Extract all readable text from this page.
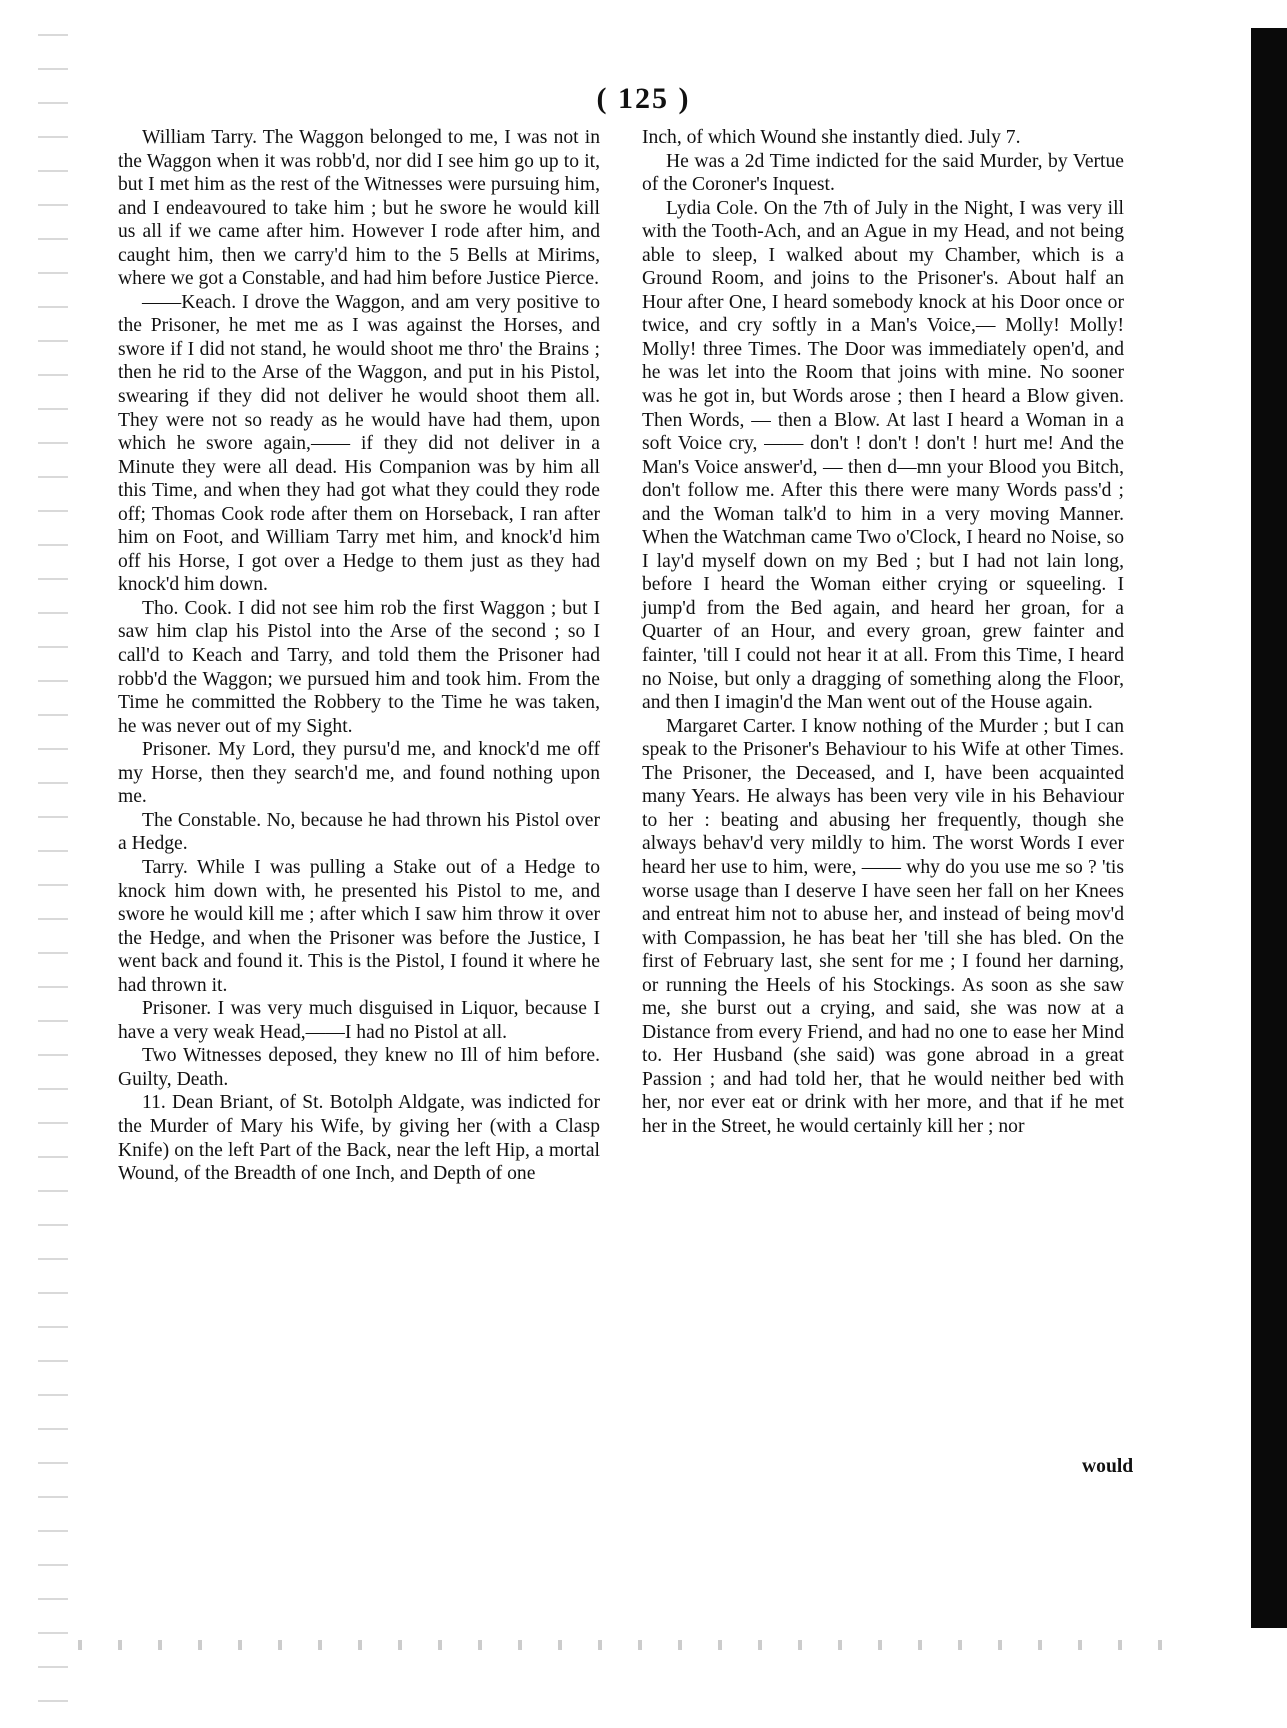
( 125 )

William Tarry. The Waggon belonged to me, I was not in the Waggon when it was robb'd, nor did I see him go up to it, but I met him as the rest of the Witnesses were pursuing him, and I endeavoured to take him ; but he swore he would kill us all if we came after him. However I rode after him, and caught him, then we carry'd him to the 5 Bells at Mirims, where we got a Constable, and had him before Justice Pierce.

——Keach. I drove the Waggon, and am very positive to the Prisoner, he met me as I was against the Horses, and swore if I did not stand, he would shoot me thro' the Brains ; then he rid to the Arse of the Waggon, and put in his Pistol, swearing if they did not deliver he would shoot them all. They were not so ready as he would have had them, upon which he swore again,—— if they did not deliver in a Minute they were all dead. His Companion was by him all this Time, and when they had got what they could they rode off; Thomas Cook rode after them on Horseback, I ran after him on Foot, and William Tarry met him, and knock'd him off his Horse, I got over a Hedge to them just as they had knock'd him down.

Tho. Cook. I did not see him rob the first Waggon ; but I saw him clap his Pistol into the Arse of the second ; so I call'd to Keach and Tarry, and told them the Prisoner had robb'd the Waggon; we pursued him and took him. From the Time he committed the Robbery to the Time he was taken, he was never out of my Sight.

Prisoner. My Lord, they pursu'd me, and knock'd me off my Horse, then they search'd me, and found nothing upon me.

The Constable. No, because he had thrown his Pistol over a Hedge.

Tarry. While I was pulling a Stake out of a Hedge to knock him down with, he presented his Pistol to me, and swore he would kill me ; after which I saw him throw it over the Hedge, and when the Prisoner was before the Justice, I went back and found it. This is the Pistol, I found it where he had thrown it.

Prisoner. I was very much disguised in Liquor, because I have a very weak Head,——I had no Pistol at all.

Two Witnesses deposed, they knew no Ill of him before. Guilty, Death.

11. Dean Briant, of St. Botolph Aldgate, was indicted for the Murder of Mary his Wife, by giving her (with a Clasp Knife) on the left Part of the Back, near the left Hip, a mortal Wound, of the Breadth of one Inch, and Depth of one

Inch, of which Wound she instantly died. July 7.

He was a 2d Time indicted for the said Murder, by Vertue of the Coroner's Inquest.

Lydia Cole. On the 7th of July in the Night, I was very ill with the Tooth-Ach, and an Ague in my Head, and not being able to sleep, I walked about my Chamber, which is a Ground Room, and joins to the Prisoner's. About half an Hour after One, I heard somebody knock at his Door once or twice, and cry softly in a Man's Voice,— Molly! Molly! Molly! three Times. The Door was immediately open'd, and he was let into the Room that joins with mine. No sooner was he got in, but Words arose ; then I heard a Blow given. Then Words, — then a Blow. At last I heard a Woman in a soft Voice cry, —— don't ! don't ! don't ! hurt me! And the Man's Voice answer'd, — then d—mn your Blood you Bitch, don't follow me. After this there were many Words pass'd ; and the Woman talk'd to him in a very moving Manner. When the Watchman came Two o'Clock, I heard no Noise, so I lay'd myself down on my Bed ; but I had not lain long, before I heard the Woman either crying or squeeling. I jump'd from the Bed again, and heard her groan, for a Quarter of an Hour, and every groan, grew fainter and fainter, 'till I could not hear it at all. From this Time, I heard no Noise, but only a dragging of something along the Floor, and then I imagin'd the Man went out of the House again.

Margaret Carter. I know nothing of the Murder ; but I can speak to the Prisoner's Behaviour to his Wife at other Times. The Prisoner, the Deceased, and I, have been acquainted many Years. He always has been very vile in his Behaviour to her : beating and abusing her frequently, though she always behav'd very mildly to him. The worst Words I ever heard her use to him, were, —— why do you use me so ? 'tis worse usage than I deserve I have seen her fall on her Knees and entreat him not to abuse her, and instead of being mov'd with Compassion, he has beat her 'till she has bled. On the first of February last, she sent for me ; I found her darning, or running the Heels of his Stockings. As soon as she saw me, she burst out a crying, and said, she was now at a Distance from every Friend, and had no one to ease her Mind to. Her Husband (she said) was gone abroad in a great Passion ; and had told her, that he would neither bed with her, nor ever eat or drink with her more, and that if he met her in the Street, he would certainly kill her ; nor

would
